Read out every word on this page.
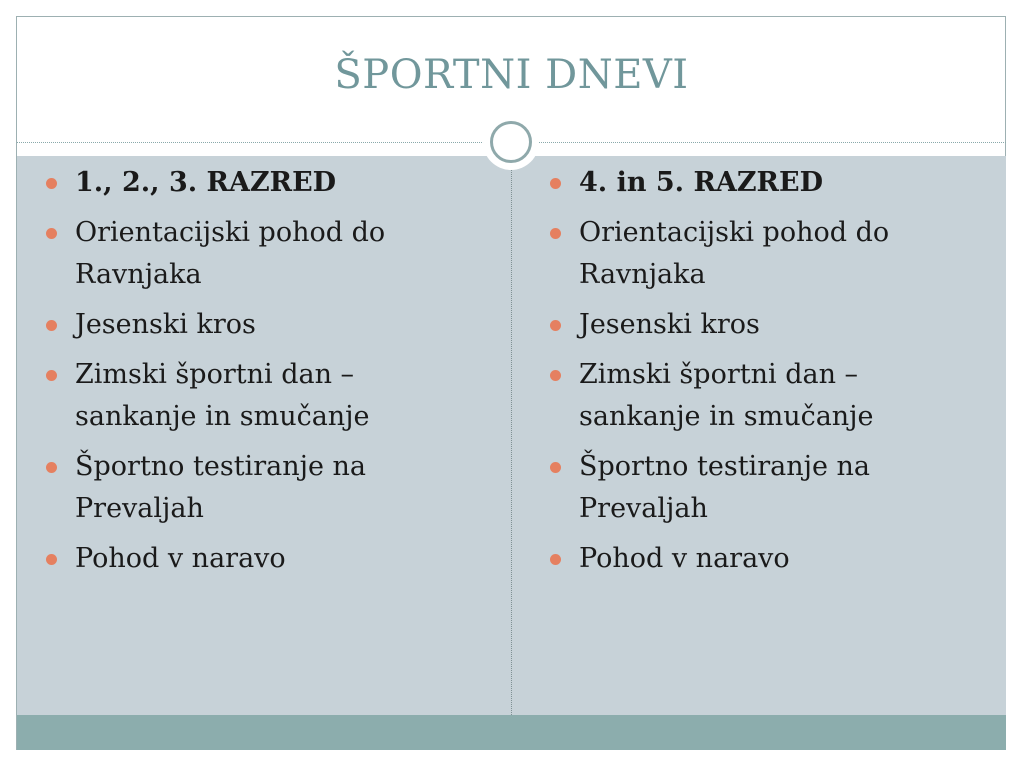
ŠPORTNI DNEVI
1., 2., 3. RAZRED
Orientacijski pohod do Ravnjaka
Jesenski kros
Zimski športni dan – sankanje in smučanje
Športno testiranje na Prevaljah
Pohod v naravo
4. in 5. RAZRED
Orientacijski pohod do Ravnjaka
Jesenski kros
Zimski športni dan – sankanje in smučanje
Športno testiranje na Prevaljah
Pohod v naravo
